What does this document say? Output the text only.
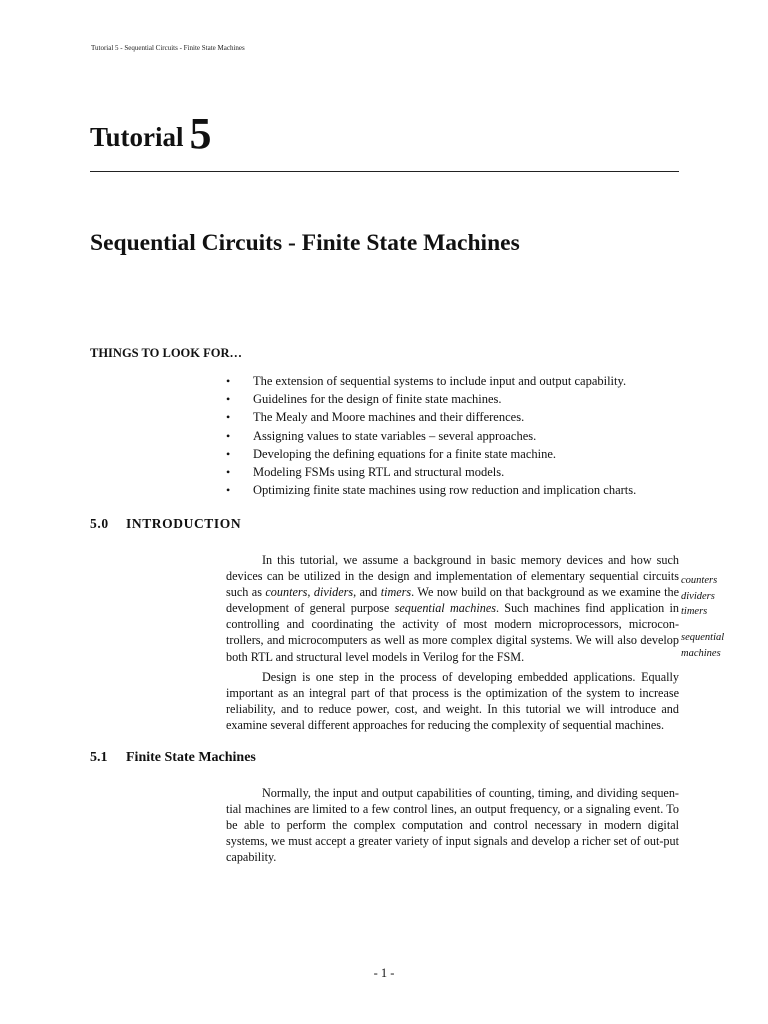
Tutorial 5 - Sequential Circuits - Finite State Machines
Tutorial 5
Sequential Circuits - Finite State Machines
THINGS TO LOOK FOR…
• The extension of sequential systems to include input and output capability.
• Guidelines for the design of finite state machines.
• The Mealy and Moore machines and their differences.
• Assigning values to state variables – several approaches.
• Developing the defining equations for a finite state machine.
• Modeling FSMs using RTL and structural models.
• Optimizing finite state machines using row reduction and implication charts.
5.0 INTRODUCTION

In this tutorial, we assume a background in basic memory devices and how such devices can be utilized in the design and implementation of elementary sequential circuits such as counters, dividers, and timers. We now build on that background as we examine the development of general purpose sequential machines. Such machines find application in controlling and coordinating the activity of most modern microprocessors, microcon-trollers, and microcomputers as well as more complex digital systems. We will also develop both RTL and structural level models in Verilog for the FSM.

counters
dividers
timers
sequential
machines

Design is one step in the process of developing embedded applications. Equally important as an integral part of that process is the optimization of the system to increase reliability, and to reduce power, cost, and weight. In this tutorial we will introduce and examine several different approaches for reducing the complexity of sequential machines.

5.1 Finite State Machines

Normally, the input and output capabilities of counting, timing, and dividing sequen-tial machines are limited to a few control lines, an output frequency, or a signaling event. To be able to perform the complex computation and control necessary in modern digital systems, we must accept a greater variety of input signals and develop a richer set of out-put capability.

- 1 -
